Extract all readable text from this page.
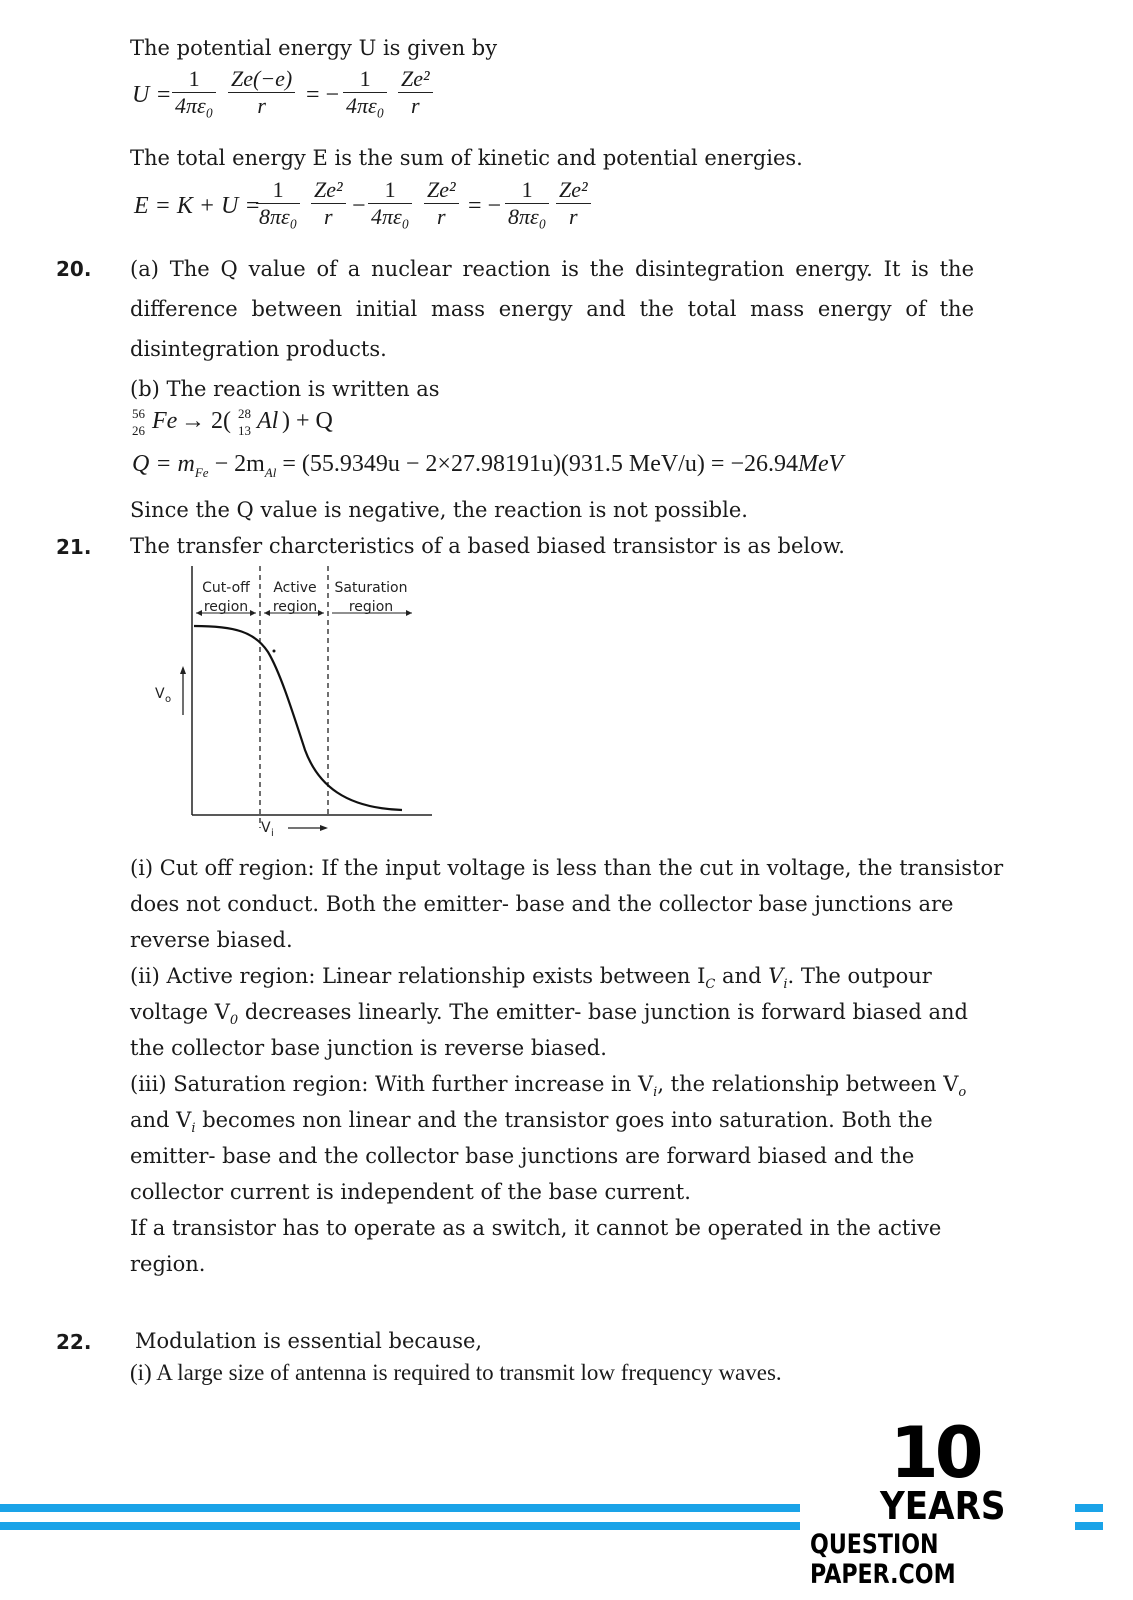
The potential energy U is given by
$U = \frac{1}{\text{4πε₀}} \frac{Ze(-e)}{r}$ = − $\frac{1}{\text{4πε₀}} \frac{\text{Ze²}}{r}$
The total energy E is the sum of kinetic and potential energies.
E = K + U =
$\frac{1}{\text{8πε₀}} \frac{\text{Ze²}}{r} - \frac{1}{\text{4πε₀}} \frac{\text{Ze²}}{r}$ = − $\frac{1}{\text{8πε₀}} \frac{\text{Ze²}}{r}$
20. (a) The Q value of a nuclear reaction is the disintegration energy. It is the
difference between initial mass energy and the total mass energy of the
disintegration products.
(b) The reaction is written as
56
26 Fe → 2( 28
13 Al ) + Q
$Q = m_{Fe} - 2m_{Al} = (55.9349u - 2\times 27.98191u)(931.5$ MeV/u) = −26.94MeV
Since the Q value is negative, the reaction is not possible.
21. The transfer charcteristics of a based biased transistor is as below.
Cut-off
region
Active
region
Saturation
region
V o
V i
(i) Cut off region: If the input voltage is less than the cut in voltage, the transistor
does not conduct. Both the emitter- base and the collector base junctions are
reverse biased.
(ii) Active region: Linear relationship exists between $I_C$ and $V_i$. The outpour
voltage $V_0$ decreases linearly. The emitter- base junction is forward biased and
the collector base junction is reverse biased.
(iii) Saturation region: With further increase in $V_i$, the relationship between $V_o$
and $V_i$ becomes non linear and the transistor goes into saturation. Both the
emitter- base and the collector base junctions are forward biased and the
collector current is independent of the base current.
If a transistor has to operate as a switch, it cannot be operated in the active
region.
22. Modulation is essential because,
(i) A large size of antenna is required to transmit low frequency waves.
10
YEARS
QUESTION PAPER.COM
